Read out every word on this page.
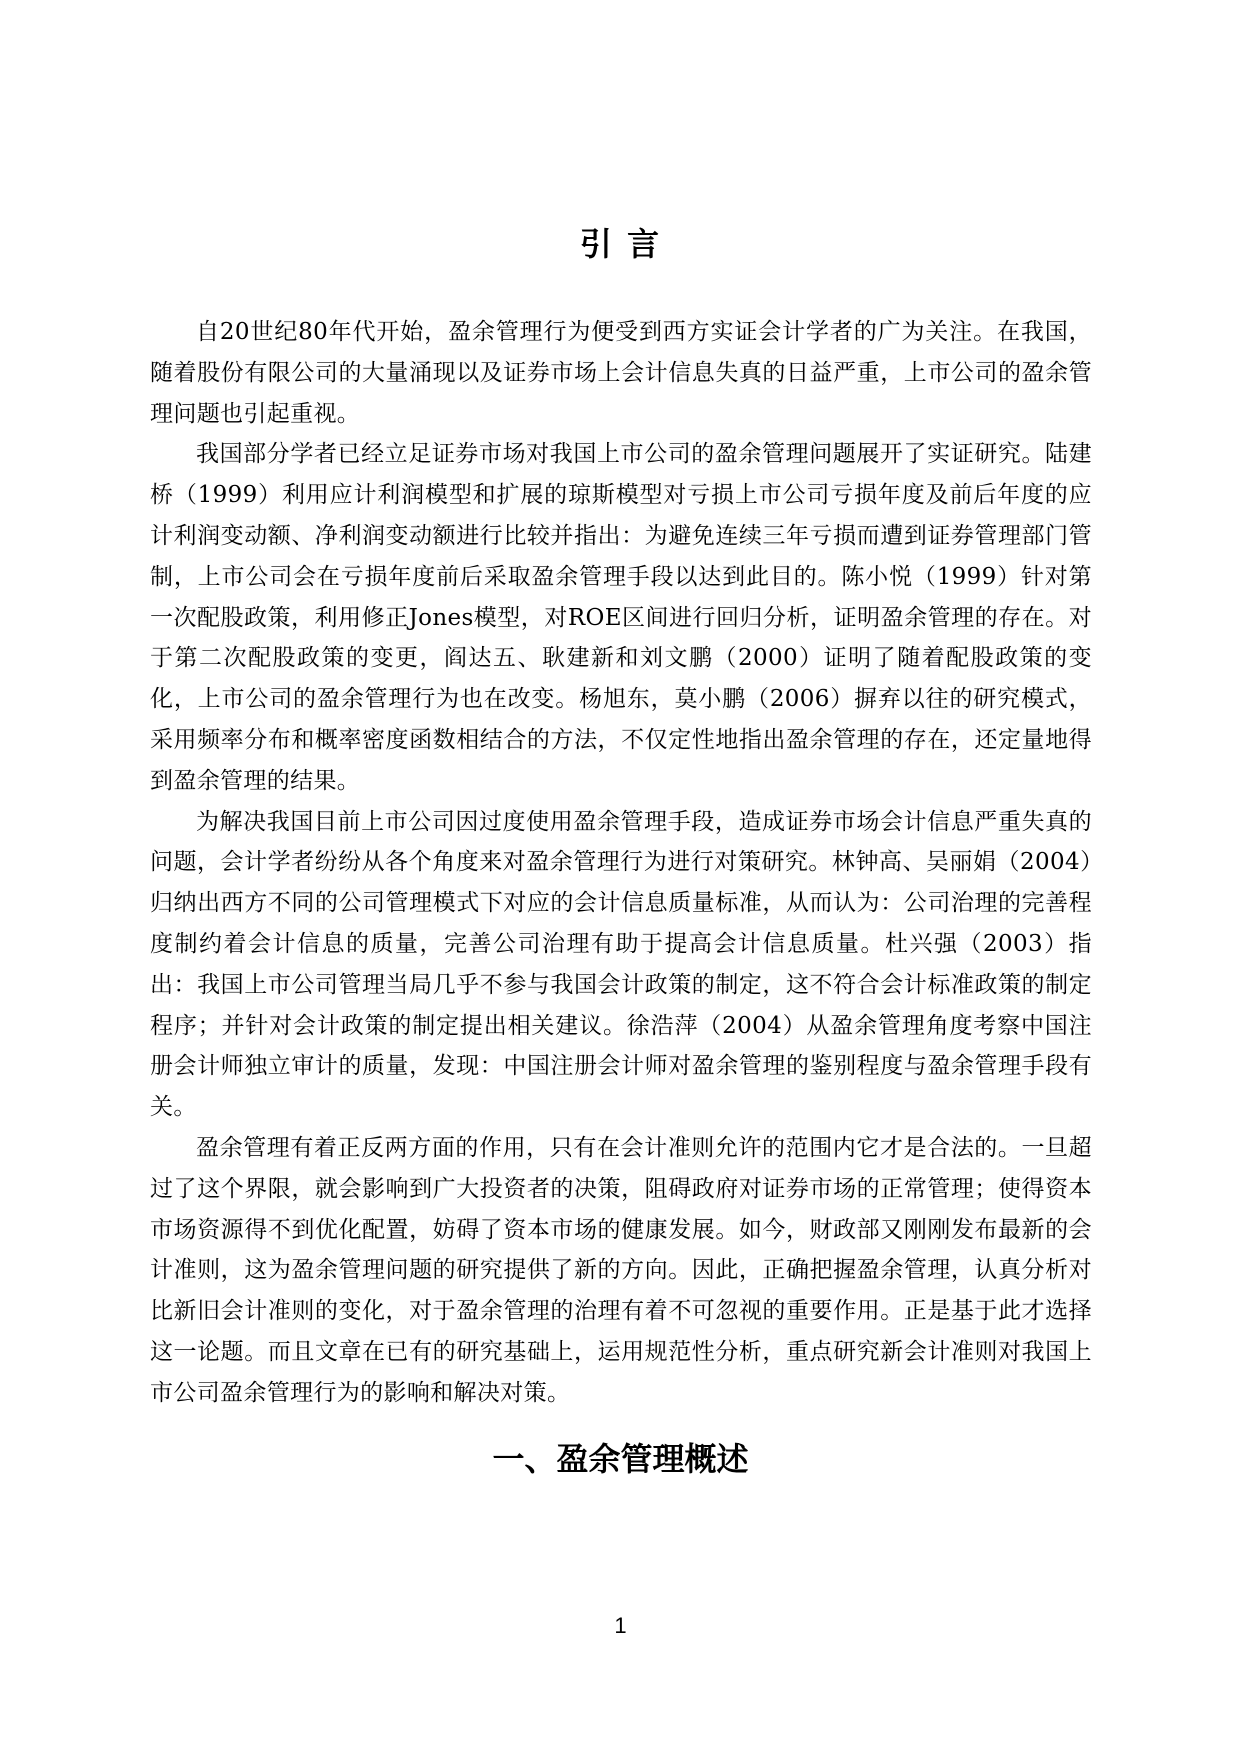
引 言

自20世纪80年代开始，盈余管理行为便受到西方实证会计学者的广为关注。在我国，随着股份有限公司的大量涌现以及证券市场上会计信息失真的日益严重，上市公司的盈余管理问题也引起重视。

我国部分学者已经立足证券市场对我国上市公司的盈余管理问题展开了实证研究。陆建桥（1999）利用应计利润模型和扩展的琼斯模型对亏损上市公司亏损年度及前后年度的应计利润变动额、净利润变动额进行比较并指出：为避免连续三年亏损而遭到证券管理部门管制，上市公司会在亏损年度前后采取盈余管理手段以达到此目的。陈小悦（1999）针对第一次配股政策，利用修正Jones模型，对ROE区间进行回归分析，证明盈余管理的存在。对于第二次配股政策的变更，阎达五、耿建新和刘文鹏（2000）证明了随着配股政策的变化，上市公司的盈余管理行为也在改变。杨旭东，莫小鹏（2006）摒弃以往的研究模式，采用频率分布和概率密度函数相结合的方法，不仅定性地指出盈余管理的存在，还定量地得到盈余管理的结果。

为解决我国目前上市公司因过度使用盈余管理手段，造成证券市场会计信息严重失真的问题，会计学者纷纷从各个角度来对盈余管理行为进行对策研究。林钟高、吴丽娟（2004）归纳出西方不同的公司管理模式下对应的会计信息质量标准，从而认为：公司治理的完善程度制约着会计信息的质量，完善公司治理有助于提高会计信息质量。杜兴强（2003）指出：我国上市公司管理当局几乎不参与我国会计政策的制定，这不符合会计标准政策的制定程序；并针对会计政策的制定提出相关建议。徐浩萍（2004）从盈余管理角度考察中国注册会计师独立审计的质量，发现：中国注册会计师对盈余管理的鉴别程度与盈余管理手段有关。

盈余管理有着正反两方面的作用，只有在会计准则允许的范围内它才是合法的。一旦超过了这个界限，就会影响到广大投资者的决策，阻碍政府对证券市场的正常管理；使得资本市场资源得不到优化配置，妨碍了资本市场的健康发展。如今，财政部又刚刚发布最新的会计准则，这为盈余管理问题的研究提供了新的方向。因此，正确把握盈余管理，认真分析对比新旧会计准则的变化，对于盈余管理的治理有着不可忽视的重要作用。正是基于此才选择这一论题。而且文章在已有的研究基础上，运用规范性分析，重点研究新会计准则对我国上市公司盈余管理行为的影响和解决对策。

一、盈余管理概述
1
